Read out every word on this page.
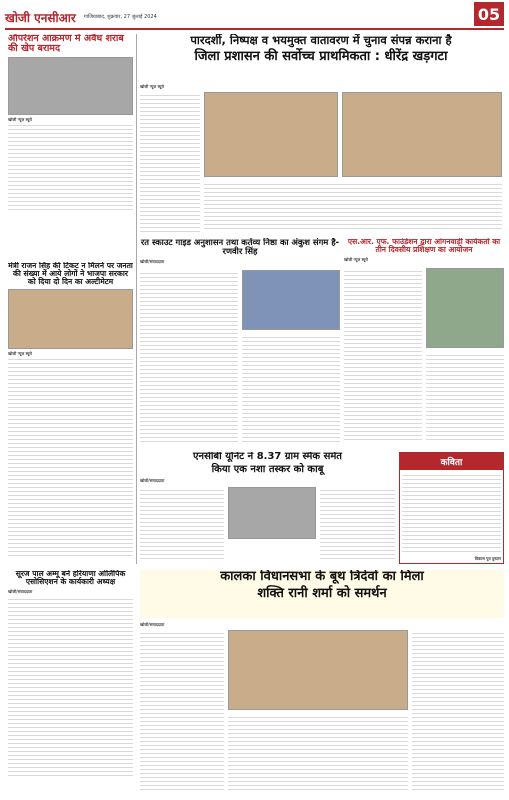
खोजी एनसीआर गाजियाबाद, शुक्रवार, 27 जुलाई 2024	05
ऑपरेशन आक्रमण में अवैध शराब की खेप बरामद
खोजी न्यूज ब्यूरो
पारदर्शी, निष्पक्ष व भयमुक्त वातावरण में चुनाव संपन्न कराना है
जिला प्रशासन की सर्वोच्च प्राथमिकता : धीरेंद्र खड़गटा
खोजी न्यूज ब्यूरो
मंत्री राजन सिंह की टिकट न मिलने पर जनता की संख्या में आये लोगों ने भाजपा सरकार को दिया दो दिन का अल्टीमेटम
खोजी न्यूज ब्यूरो
रत स्काउट गाइड अनुशासन तथा कर्तव्य निष्ठा का अंकुश संगम है-रणवीर सिंह
खोजी/संवाददाता
एस.आर. एफ. फाउंडेशन द्वारा आंगनवाड़ी कार्यकर्ता का तीन दिवसीय प्रशिक्षण का आयोजन
खोजी न्यूज ब्यूरो
एनसीबी यूनिट ने 8.37 ग्राम स्मैक समेत
किया एक नशा तस्कर को काबू
खोजी/संवाददाता
कविता
विकास पुत्र दुष्प्रान
सूरज पाल अम्मू बने हरियाणा ओलिंपिक एसोसिएशन के कार्यकारी अध्यक्ष
खोजी/संवाददाता
कालका विधानसभा के बूथ त्रिदेवों का मिला
शक्ति रानी शर्मा को समर्थन
खोजी/संवाददाता
